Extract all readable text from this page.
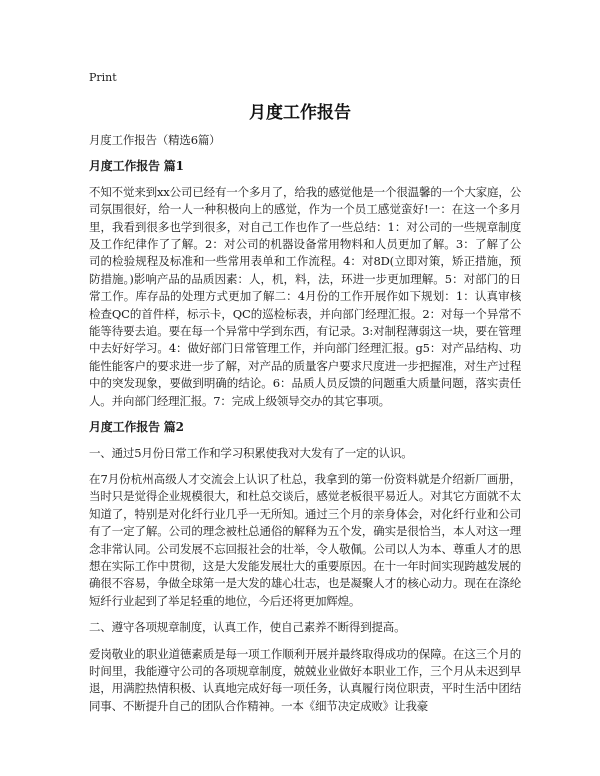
Print
月度工作报告

月度工作报告（精选6篇）

月度工作报告 篇1

不知不觉来到xx公司已经有一个多月了，给我的感觉他是一个很温馨的一个大家庭，公司氛围很好，给一人一种积极向上的感觉，作为一个员工感觉蛮好!一：在这一个多月里，我看到很多也学到很多，对自己工作也作了一些总结：1：对公司的一些规章制度及工作纪律作了了解。2：对公司的机器设备常用物料和人员更加了解。3：了解了公司的检验规程及标准和一些常用表单和工作流程。4：对8D(立即对策，矫正措施，预防措施。)影响产品的品质因素：人，机，料，法，环进一步更加理解。5：对部门的日常工作。库存品的处理方式更加了解二：4月份的工作开展作如下规划：1：认真审核检查QC的首件样，标示卡，QC的巡检标表，并向部门经理汇报。2：对每一个异常不能等待要去追。要在每一个异常中学到东西，有记录。3:对制程薄弱这一块，要在管理中去好好学习。4：做好部门日常管理工作，并向部门经理汇报。g5：对产品结构、功能性能客户的要求进一步了解，对产品的质量客户要求尺度进一步把握准，对生产过程中的突发现象，要做到明确的结论。6：品质人员反馈的问题重大质量问题，落实责任人。并向部门经理汇报。7：完成上级领导交办的其它事项。

月度工作报告 篇2

一、通过5月份日常工作和学习积累使我对大发有了一定的认识。

在7月份杭州高级人才交流会上认识了杜总，我拿到的第一份资料就是介绍新厂画册，当时只是觉得企业规模很大，和杜总交谈后，感觉老板很平易近人。对其它方面就不太知道了，特别是对化纤行业几乎一无所知。通过三个月的亲身体会，对化纤行业和公司有了一定了解。公司的理念被杜总通俗的解释为五个发，确实是很恰当，本人对这一理念非常认同。公司发展不忘回报社会的壮举，令人敬佩。公司以人为本、尊重人才的思想在实际工作中贯彻，这是大发能发展壮大的重要原因。在十一年时间实现跨越发展的确很不容易，争做全球第一是大发的雄心壮志，也是凝聚人才的核心动力。现在在涤纶短纤行业起到了举足轻重的地位，今后还将更加辉煌。

二、遵守各项规章制度，认真工作，使自己素养不断得到提高。

爱岗敬业的职业道德素质是每一项工作顺利开展并最终取得成功的保障。在这三个月的时间里，我能遵守公司的各项规章制度，兢兢业业做好本职业工作，三个月从未迟到早退，用满腔热情积极、认真地完成好每一项任务，认真履行岗位职责，平时生活中团结同事、不断提升自己的团队合作精神。一本《细节决定成败》让我豪
